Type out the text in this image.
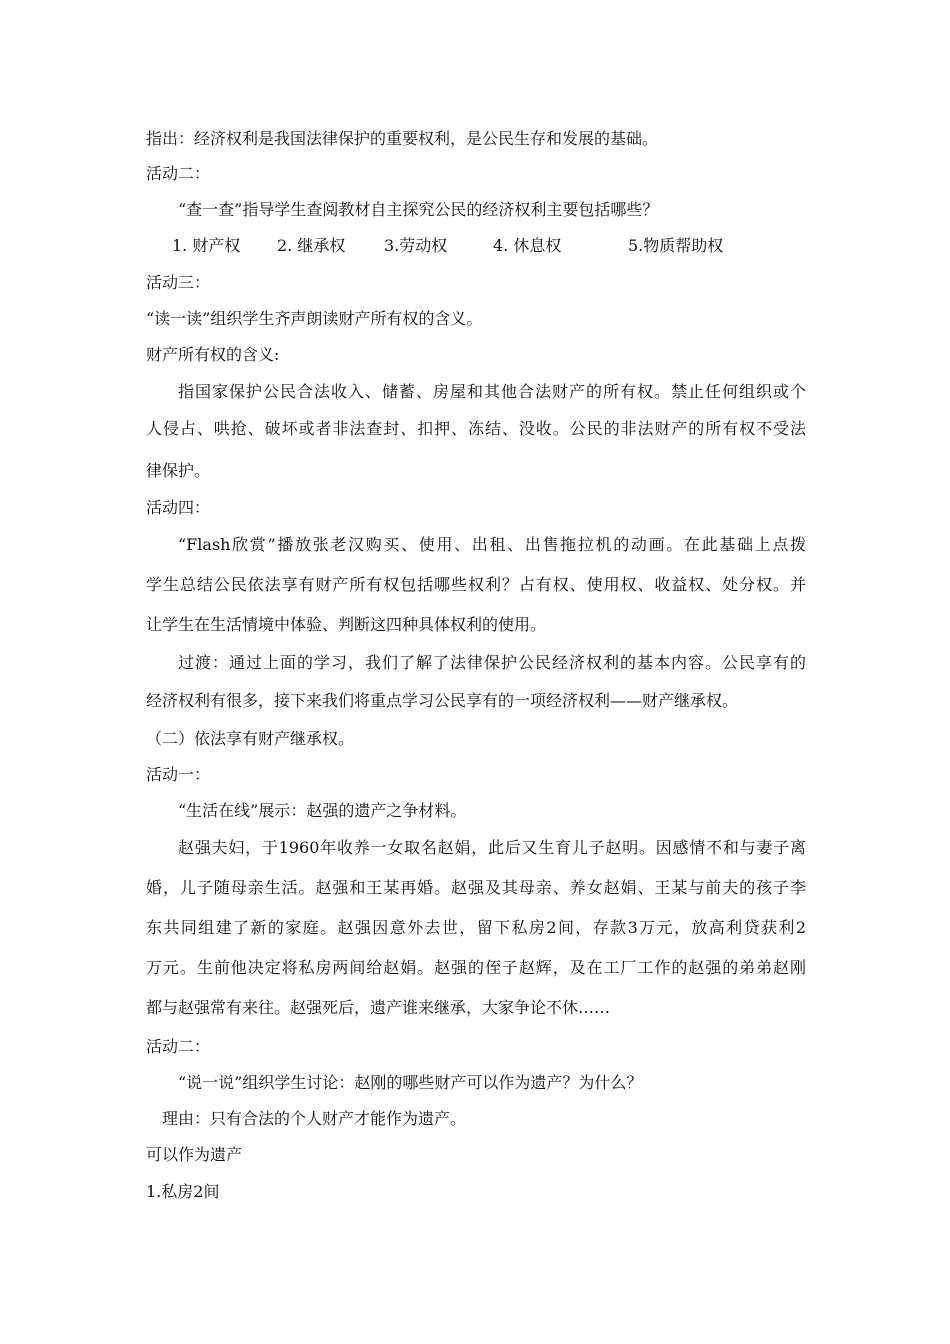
指出：经济权利是我国法律保护的重要权利，是公民生存和发展的基础。
活动二：
“查一查”指导学生查阅教材自主探究公民的经济权利主要包括哪些？
1. 财产权 2. 继承权 3.劳动权	4. 休息权	5.物质帮助权
活动三：
“读一读”组织学生齐声朗读财产所有权的含义。
财产所有权的含义:
指国家保护公民合法收入、储蓄、房屋和其他合法财产的所有权。禁止任何组织或个
人侵占、哄抢、破坏或者非法查封、扣押、冻结、没收。公民的非法财产的所有权不受法
律保护。
活动四：
“Flash欣赏”播放张老汉购买、使用、出租、出售拖拉机的动画。在此基础上点拨
学生总结公民依法享有财产所有权包括哪些权利？占有权、使用权、收益权、处分权。并
让学生在生活情境中体验、判断这四种具体权利的使用。
过渡：通过上面的学习，我们了解了法律保护公民经济权利的基本内容。公民享有的
经济权利有很多，接下来我们将重点学习公民享有的一项经济权利——财产继承权。
（二）依法享有财产继承权。
活动一：
“生活在线”展示：赵强的遗产之争材料。
赵强夫妇，于1960年收养一女取名赵娟，此后又生育儿子赵明。因感情不和与妻子离
婚，儿子随母亲生活。赵强和王某再婚。赵强及其母亲、养女赵娟、王某与前夫的孩子李
东共同组建了新的家庭。赵强因意外去世，留下私房2间，存款3万元，放高利贷获利2
万元。生前他决定将私房两间给赵娟。赵强的侄子赵辉，及在工厂工作的赵强的弟弟赵刚
都与赵强常有来往。赵强死后，遗产谁来继承，大家争论不休……
活动二：
“说一说”组织学生讨论：赵刚的哪些财产可以作为遗产？为什么？
理由：只有合法的个人财产才能作为遗产。
可以作为遗产
1.私房2间
